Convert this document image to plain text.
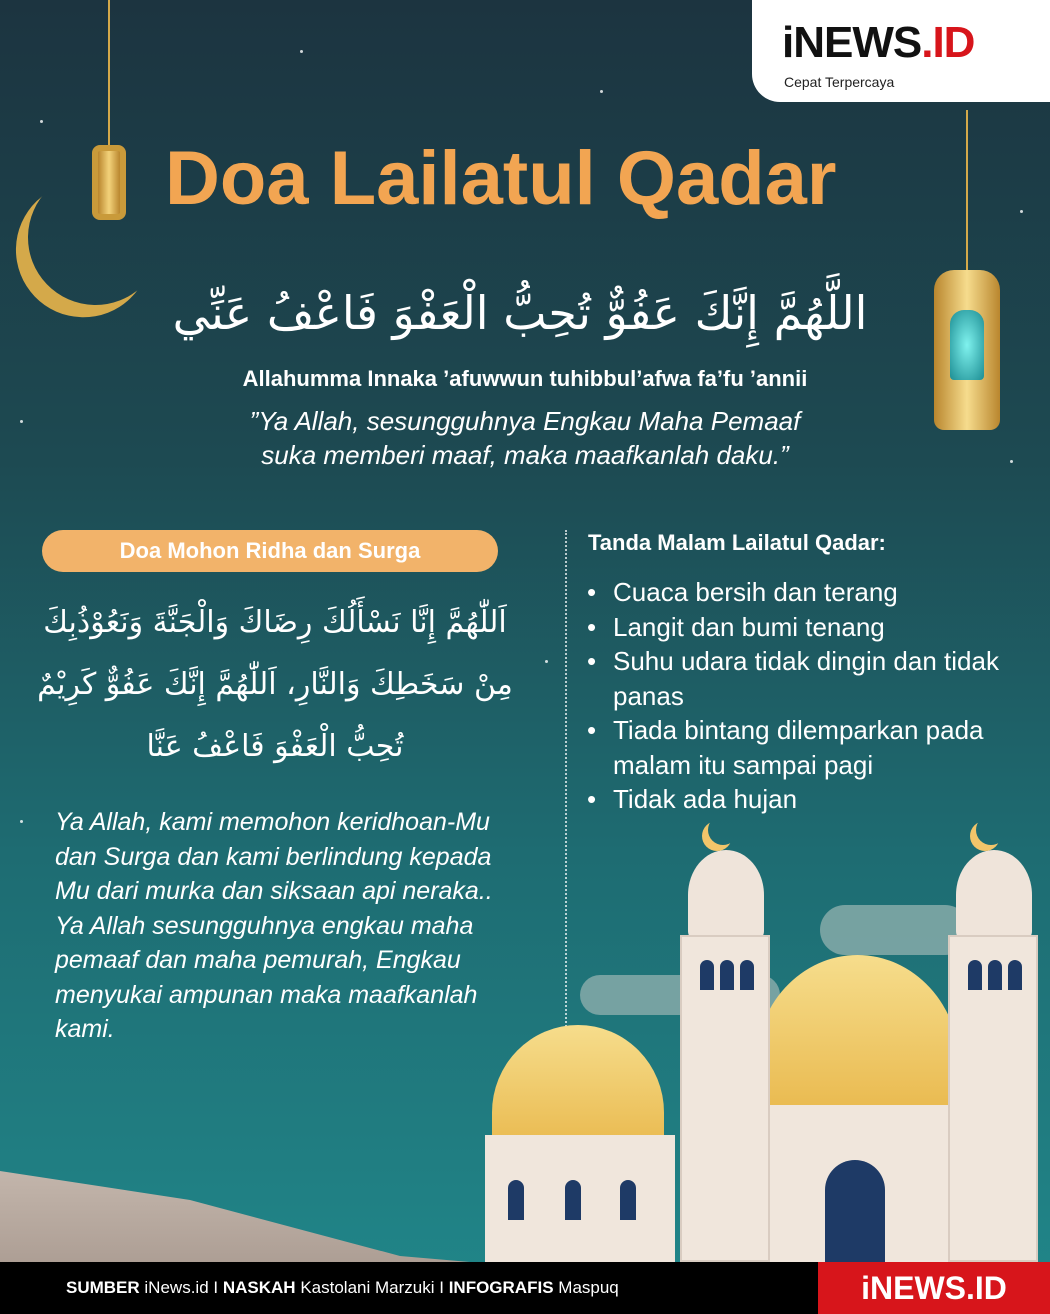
iNEWS.ID
Cepat Terpercaya
Doa Lailatul Qadar
اللَّهُمَّ إِنَّكَ عَفُوٌّ تُحِبُّ الْعَفْوَ فَاعْفُ عَنِّي
Allahumma Innaka ’afuwwun tuhibbul’afwa fa’fu ’annii
”Ya Allah, sesungguhnya Engkau Maha Pemaaf
suka memberi maaf, maka maafkanlah daku.”
Doa Mohon Ridha dan Surga
اَللّٰهُمَّ إِنَّا نَسْأَلُكَ رِضَاكَ وَالْجَنَّةَ وَنَعُوْذُبِكَ
مِنْ سَخَطِكَ وَالنَّارِ، اَللّٰهُمَّ إِنَّكَ عَفُوٌّ كَرِيْمٌ
تُحِبُّ الْعَفْوَ فَاعْفُ عَنَّا

Ya Allah, kami memohon keridhoan-Mu dan Surga dan kami berlindung kepada Mu dari murka dan siksaan api neraka.. Ya Allah sesungguhnya engkau maha pemaaf dan maha pemurah, Engkau menyukai ampunan maka maafkanlah kami.

Tanda Malam Lailatul Qadar:
• Cuaca bersih dan terang
• Langit dan bumi tenang
• Suhu udara tidak dingin dan tidak panas
• Tiada bintang dilemparkan pada malam itu sampai pagi
• Tidak ada hujan
SUMBER iNews.id I NASKAH Kastolani Marzuki I INFOGRAFIS Maspuq	iNEWS.ID
